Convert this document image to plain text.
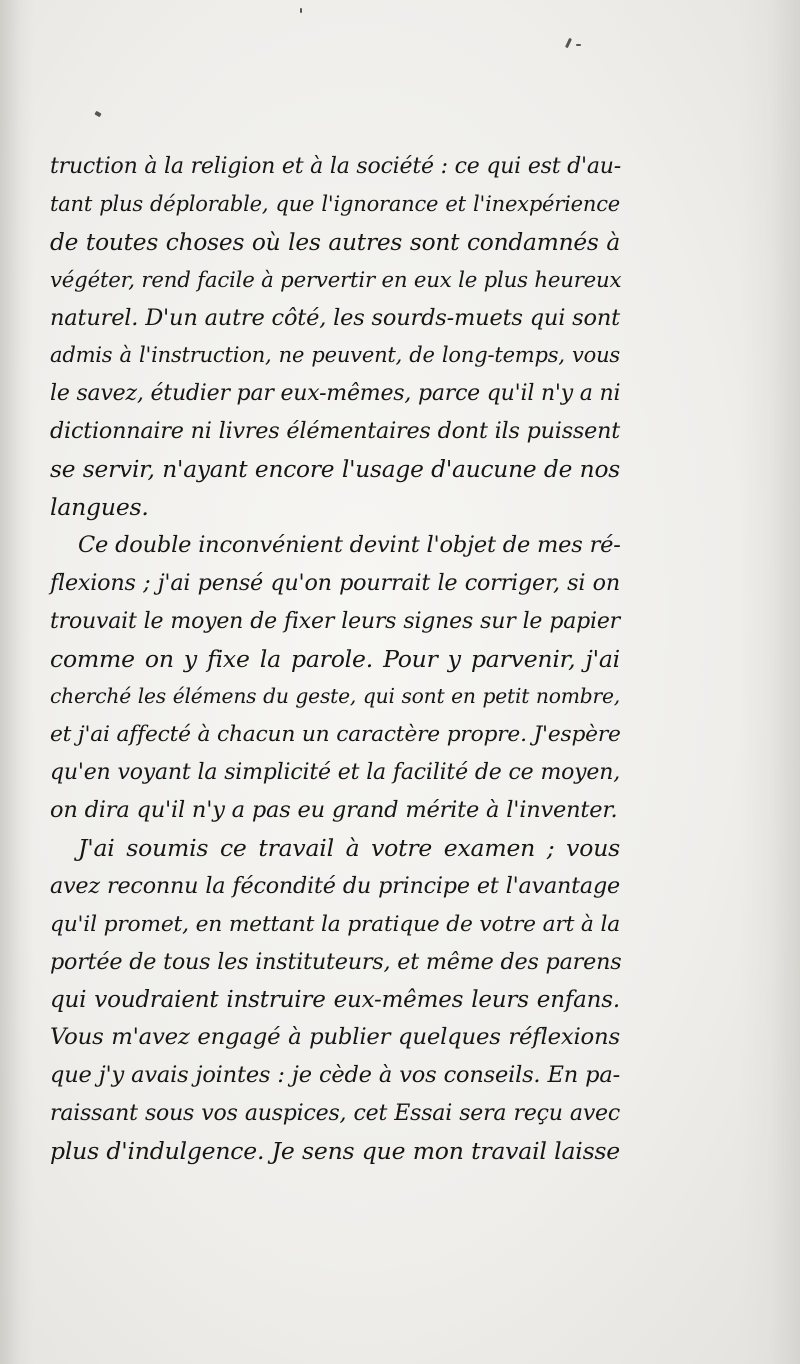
truction à la religion et à la société : ce qui est d'au-
tant plus déplorable, que l'ignorance et l'inexpérience
de toutes choses où les autres sont condamnés à
végéter, rend facile à pervertir en eux le plus heureux
naturel. D'un autre côté, les sourds-muets qui sont
admis à l'instruction, ne peuvent, de long-temps, vous
le savez, étudier par eux-mêmes, parce qu'il n'y a ni
dictionnaire ni livres élémentaires dont ils puissent
se servir, n'ayant encore l'usage d'aucune de nos
langues.
Ce double inconvénient devint l'objet de mes ré-
flexions ; j'ai pensé qu'on pourrait le corriger, si on
trouvait le moyen de fixer leurs signes sur le papier
comme on y fixe la parole. Pour y parvenir, j'ai
cherché les élémens du geste, qui sont en petit nombre,
et j'ai affecté à chacun un caractère propre. J'espère
qu'en voyant la simplicité et la facilité de ce moyen,
on dira qu'il n'y a pas eu grand mérite à l'inventer.
J'ai soumis ce travail à votre examen ; vous
avez reconnu la fécondité du principe et l'avantage
qu'il promet, en mettant la pratique de votre art à la
portée de tous les instituteurs, et même des parens
qui voudraient instruire eux-mêmes leurs enfans.
Vous m'avez engagé à publier quelques réflexions
que j'y avais jointes : je cède à vos conseils. En pa-
raissant sous vos auspices, cet Essai sera reçu avec
plus d'indulgence. Je sens que mon travail laisse
